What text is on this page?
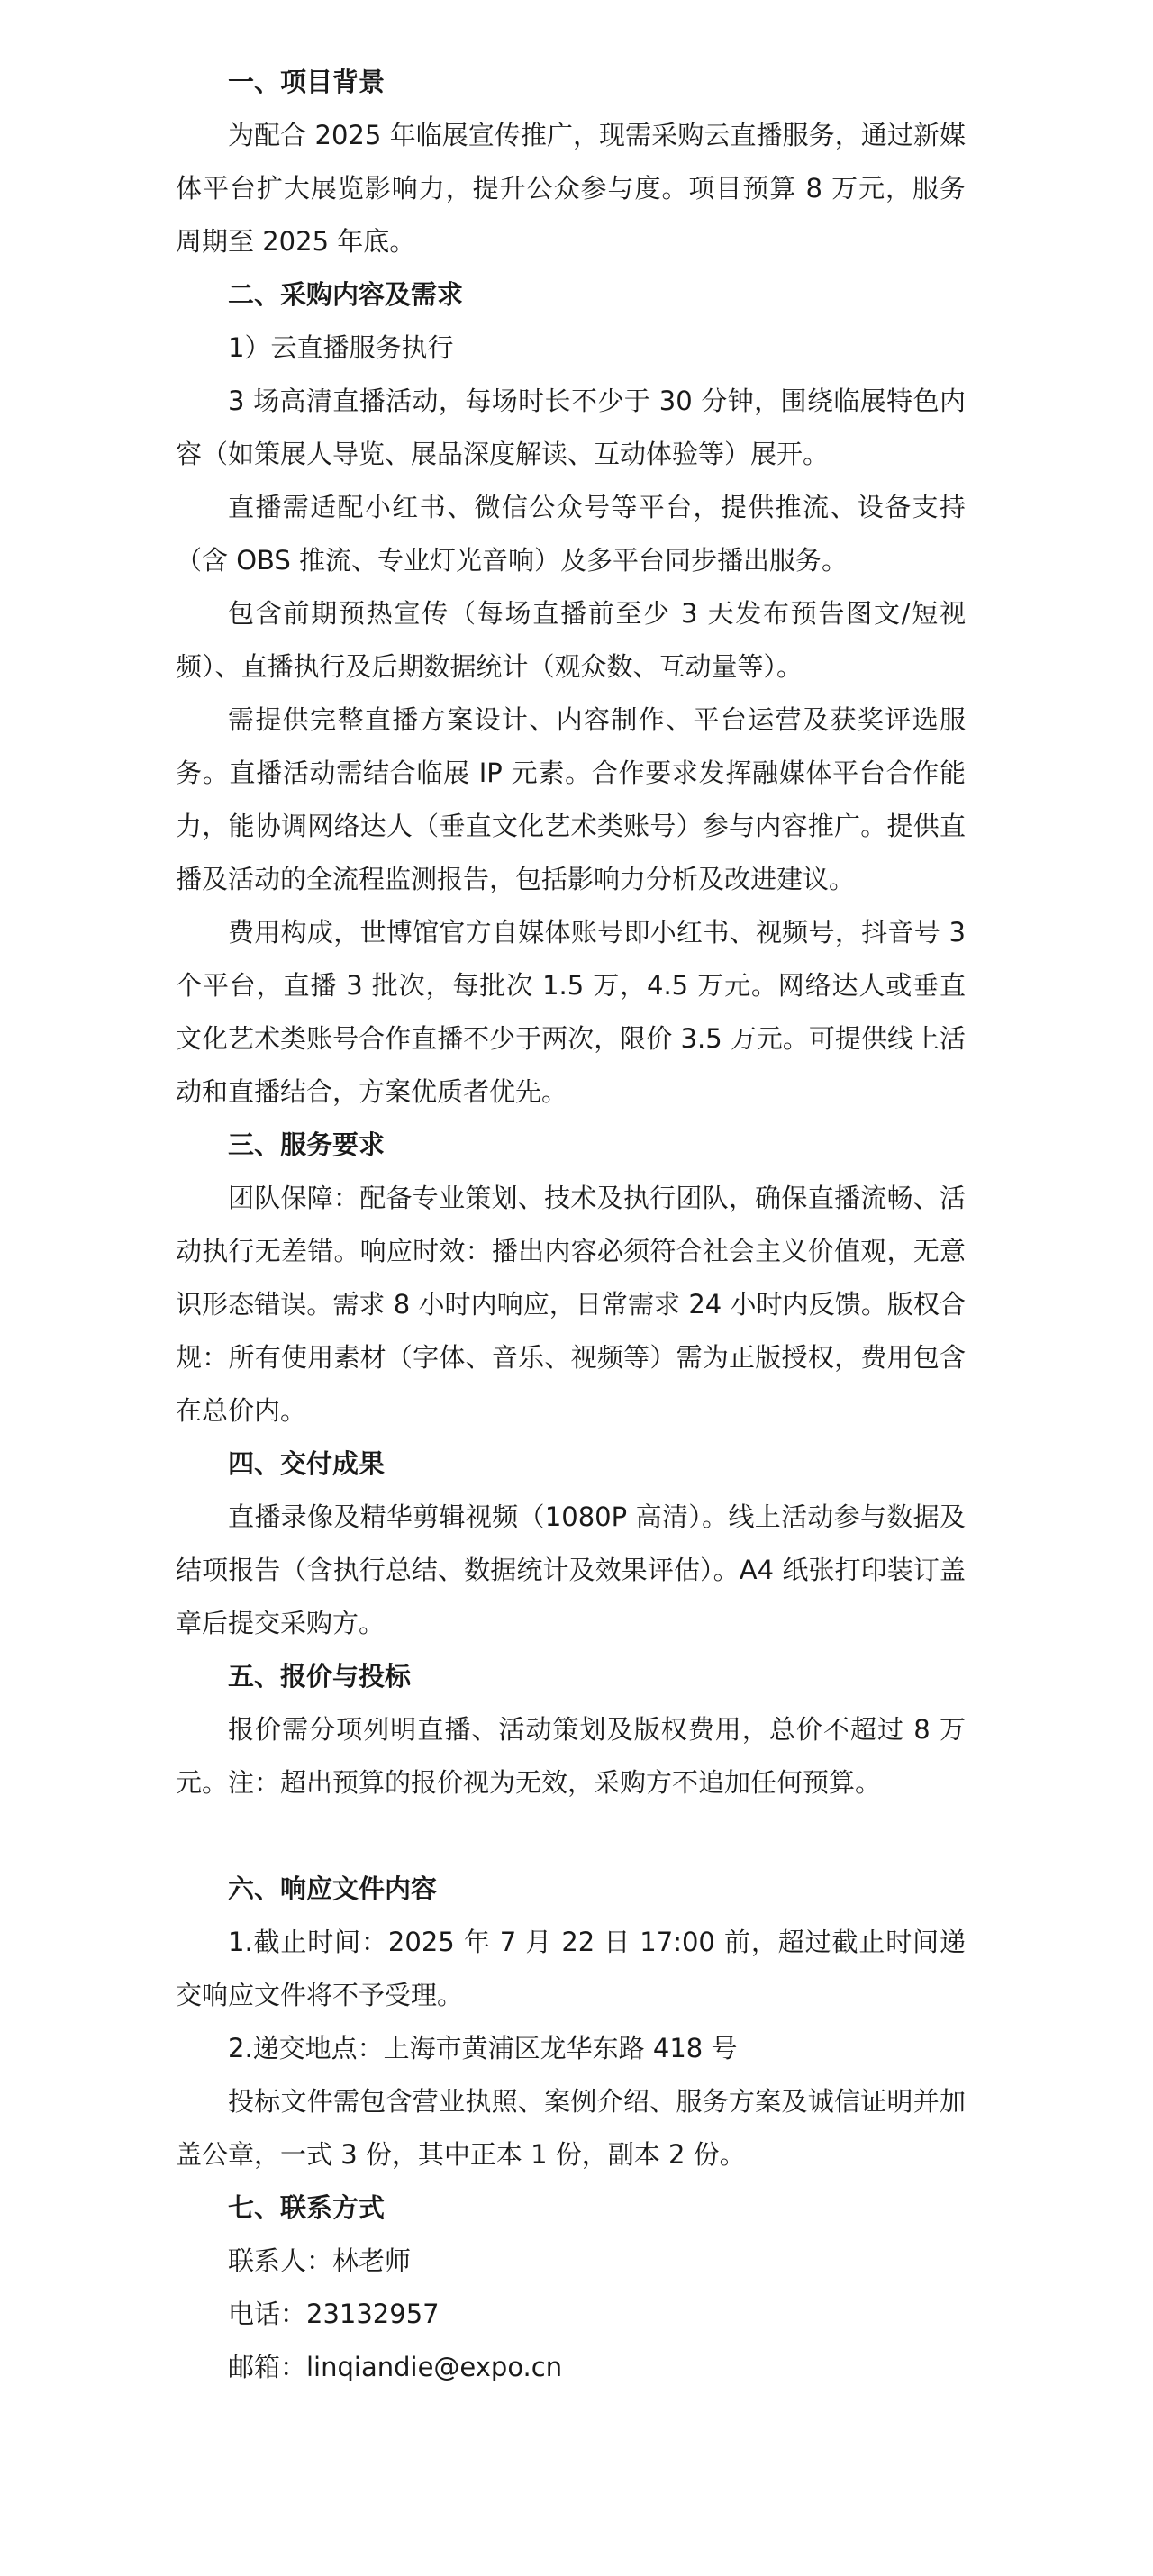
一、项目背景

为配合 2025 年临展宣传推广，现需采购云直播服务，通过新媒体平台扩大展览影响力，提升公众参与度。项目预算 8 万元，服务周期至 2025 年底。

二、采购内容及需求

1）云直播服务执行

3 场高清直播活动，每场时长不少于 30 分钟，围绕临展特色内容（如策展人导览、展品深度解读、互动体验等）展开。

直播需适配小红书、微信公众号等平台，提供推流、设备支持（含 OBS 推流、专业灯光音响）及多平台同步播出服务。

包含前期预热宣传（每场直播前至少 3 天发布预告图文/短视频）、直播执行及后期数据统计（观众数、互动量等）。

需提供完整直播方案设计、内容制作、平台运营及获奖评选服务。直播活动需结合临展 IP 元素。合作要求发挥融媒体平台合作能力，能协调网络达人（垂直文化艺术类账号）参与内容推广。提供直播及活动的全流程监测报告，包括影响力分析及改进建议。

费用构成，世博馆官方自媒体账号即小红书、视频号，抖音号 3 个平台，直播 3 批次，每批次 1.5 万，4.5 万元。网络达人或垂直文化艺术类账号合作直播不少于两次，限价 3.5 万元。可提供线上活动和直播结合，方案优质者优先。

三、服务要求

团队保障：配备专业策划、技术及执行团队，确保直播流畅、活动执行无差错。响应时效：播出内容必须符合社会主义价值观，无意识形态错误。需求 8 小时内响应，日常需求 24 小时内反馈。版权合规：所有使用素材（字体、音乐、视频等）需为正版授权，费用包含在总价内。

四、交付成果

直播录像及精华剪辑视频（1080P 高清）。线上活动参与数据及结项报告（含执行总结、数据统计及效果评估）。A4 纸张打印装订盖章后提交采购方。

五、报价与投标

报价需分项列明直播、活动策划及版权费用，总价不超过 8 万元。注：超出预算的报价视为无效，采购方不追加任何预算。

六、响应文件内容

1.截止时间：2025 年 7 月 22 日 17:00 前，超过截止时间递交响应文件将不予受理。

2.递交地点：上海市黄浦区龙华东路 418 号

投标文件需包含营业执照、案例介绍、服务方案及诚信证明并加盖公章，一式 3 份，其中正本 1 份，副本 2 份。

七、联系方式

联系人：林老师

电话：23132957

邮箱：linqiandie@expo.cn
